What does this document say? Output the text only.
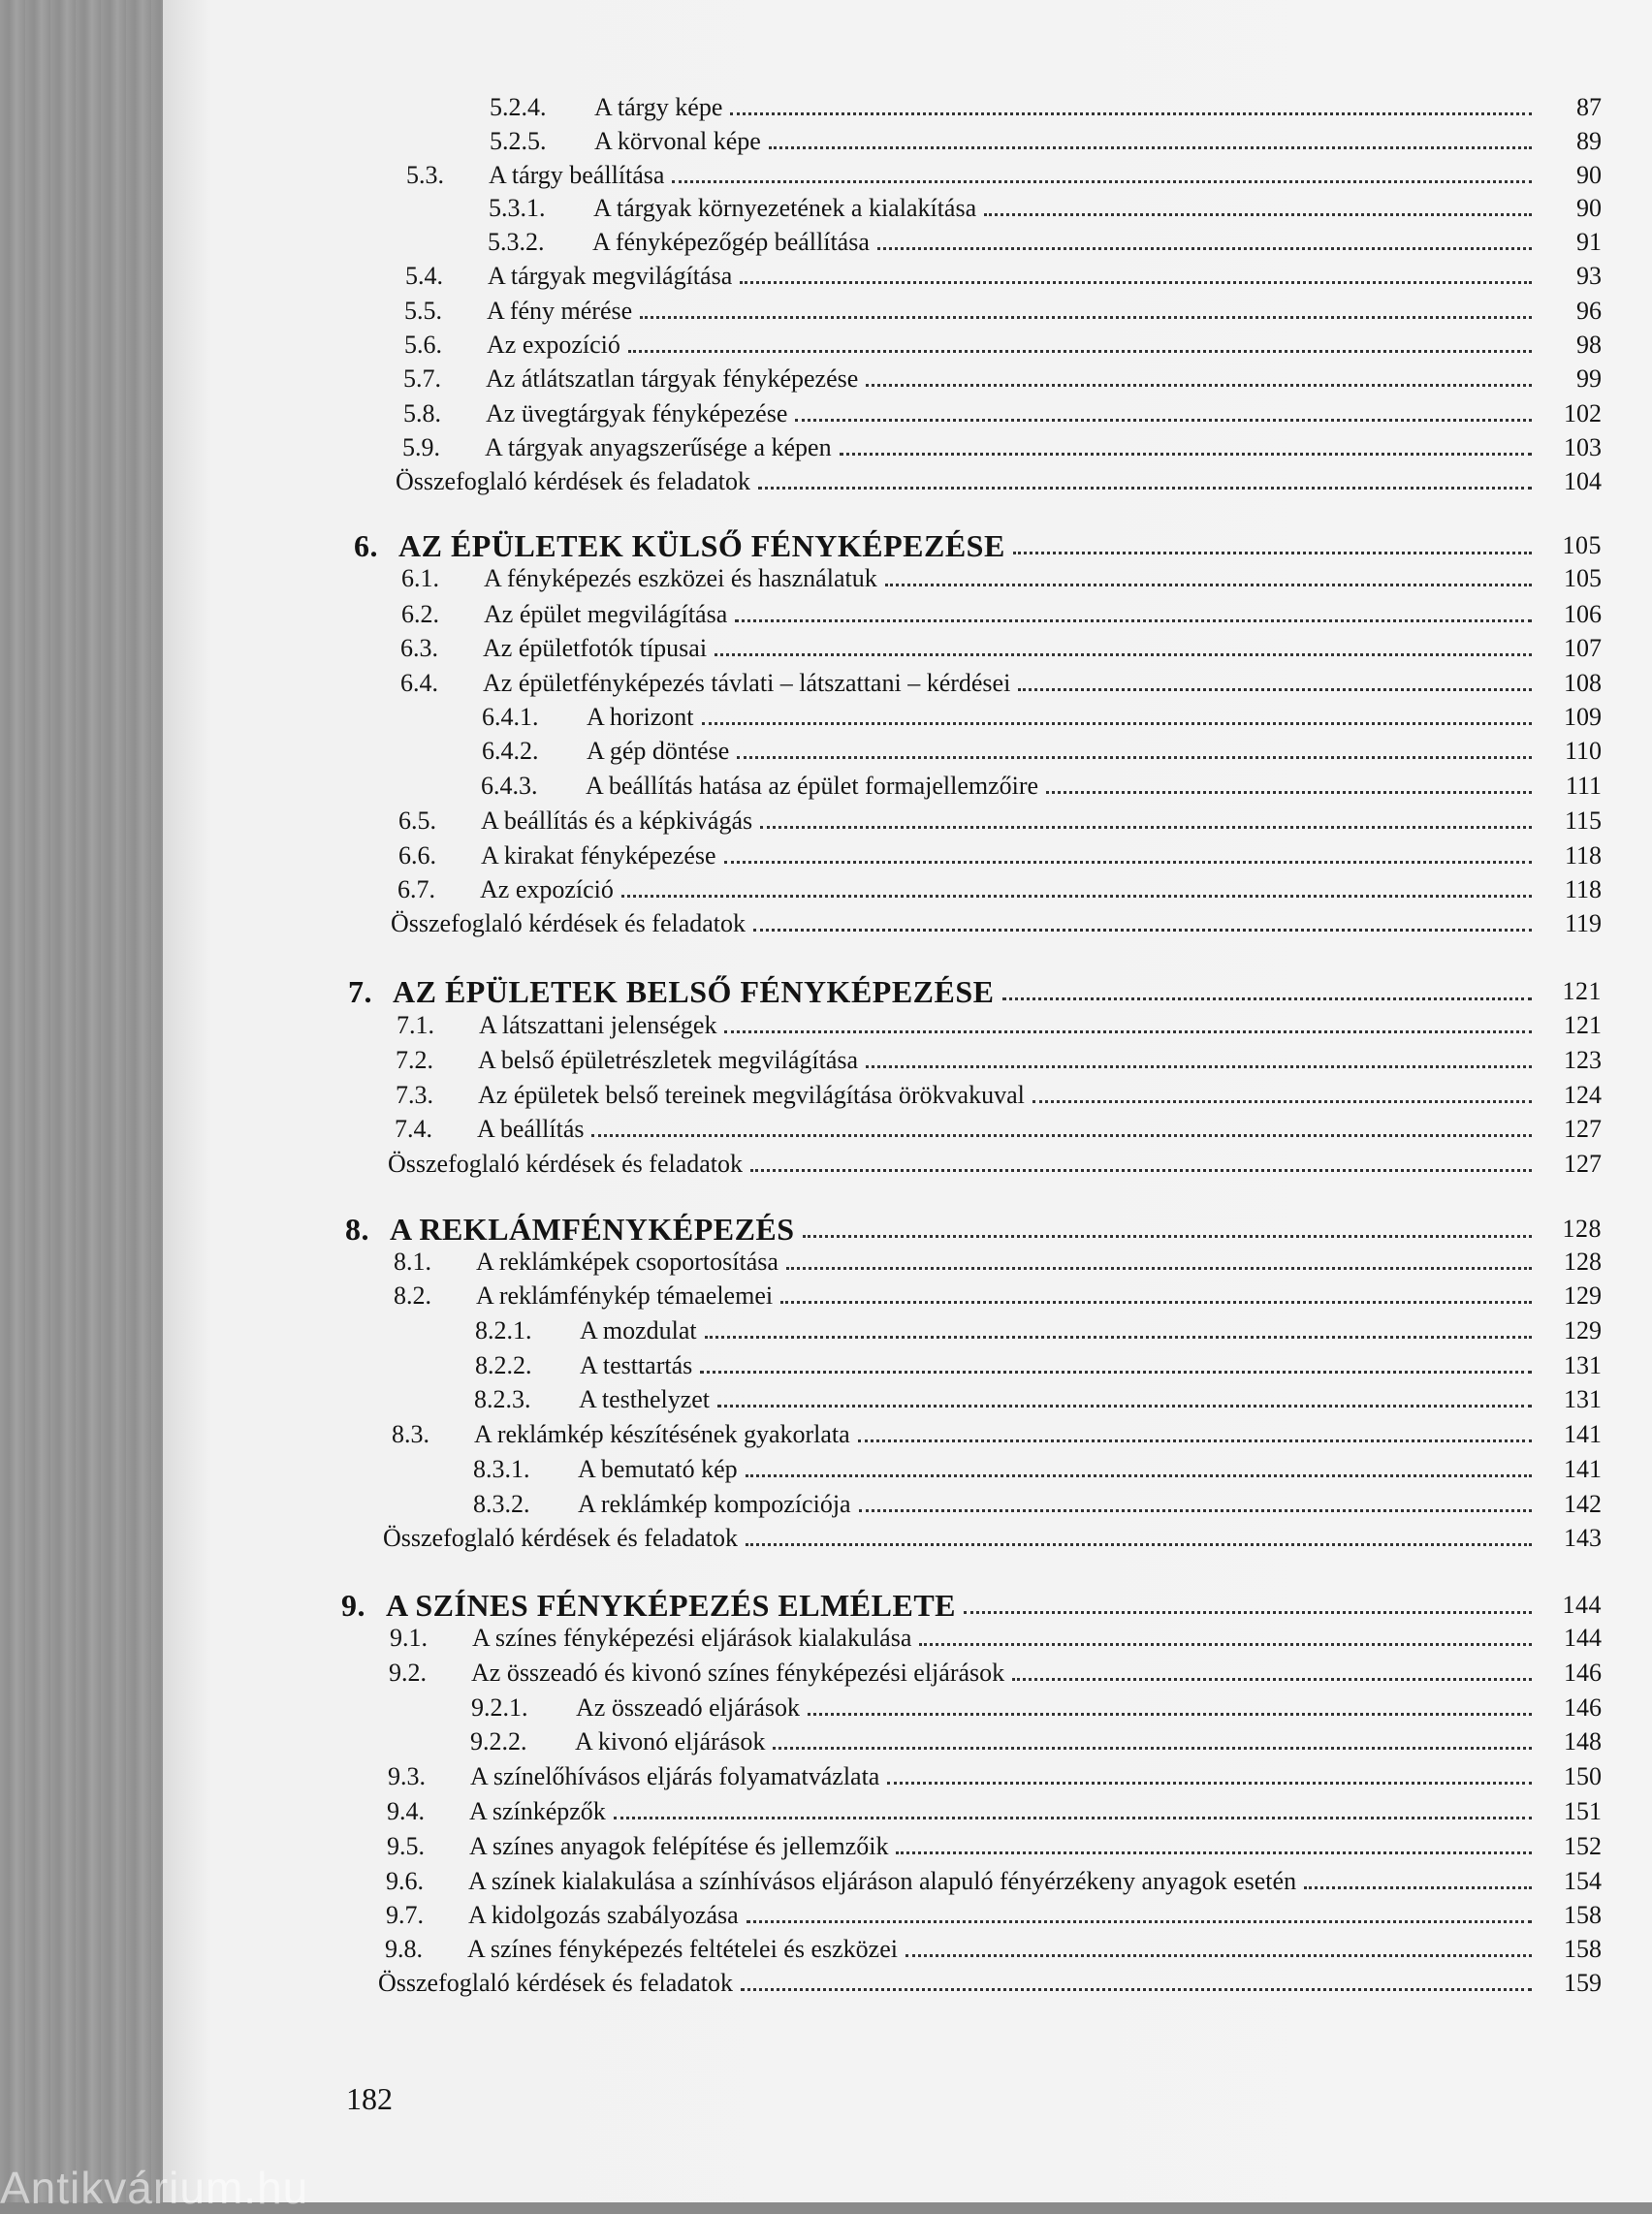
5.2.4.	A tárgy képe	87
5.2.5.	A körvonal képe	89
5.3.	A tárgy beállítása	90
5.3.1.	A tárgyak környezetének a kialakítása	90
5.3.2.	A fényképezőgép beállítása	91
5.4.	A tárgyak megvilágítása	93
5.5.	A fény mérése	96
5.6.	Az expozíció	98
5.7.	Az átlátszatlan tárgyak fényképezése	99
5.8.	Az üvegtárgyak fényképezése	102
5.9.	A tárgyak anyagszerűsége a képen	103
Összefoglaló kérdések és feladatok	104
6. AZ ÉPÜLETEK KÜLSŐ FÉNYKÉPEZÉSE	105
6.1.	A fényképezés eszközei és használatuk	105
6.2.	Az épület megvilágítása	106
6.3.	Az épületfotók típusai	107
6.4.	Az épületfényképezés távlati – látszattani – kérdései	108
6.4.1.	A horizont	109
6.4.2.	A gép döntése	110
6.4.3.	A beállítás hatása az épület formajellemzőire	111
6.5.	A beállítás és a képkivágás	115
6.6.	A kirakat fényképezése	118
6.7.	Az expozíció	118
Összefoglaló kérdések és feladatok	119
7. AZ ÉPÜLETEK BELSŐ FÉNYKÉPEZÉSE	121
7.1.	A látszattani jelenségek	121
7.2.	A belső épületrészletek megvilágítása	123
7.3.	Az épületek belső tereinek megvilágítása örökvakuval	124
7.4.	A beállítás	127
Összefoglaló kérdések és feladatok	127
8. A REKLÁMFÉNYKÉPEZÉS	128
8.1.	A reklámképek csoportosítása	128
8.2.	A reklámfénykép témaelemei	129
8.2.1.	A mozdulat	129
8.2.2.	A testtartás	131
8.2.3.	A testhelyzet	131
8.3.	A reklámkép készítésének gyakorlata	141
8.3.1.	A bemutató kép	141
8.3.2.	A reklámkép kompozíciója	142
Összefoglaló kérdések és feladatok	143
9. A SZÍNES FÉNYKÉPEZÉS ELMÉLETE	144
9.1.	A színes fényképezési eljárások kialakulása	144
9.2.	Az összeadó és kivonó színes fényképezési eljárások	146
9.2.1.	Az összeadó eljárások	146
9.2.2.	A kivonó eljárások	148
9.3.	A színelőhívásos eljárás folyamatvázlata	150
9.4.	A színképzők	151
9.5.	A színes anyagok felépítése és jellemzőik	152
9.6.	A színek kialakulása a színhívásos eljáráson alapuló fényérzékeny anyagok esetén	154
9.7.	A kidolgozás szabályozása	158
9.8.	A színes fényképezés feltételei és eszközei	158
Összefoglaló kérdések és feladatok	159
182
Antikvárium.hu
